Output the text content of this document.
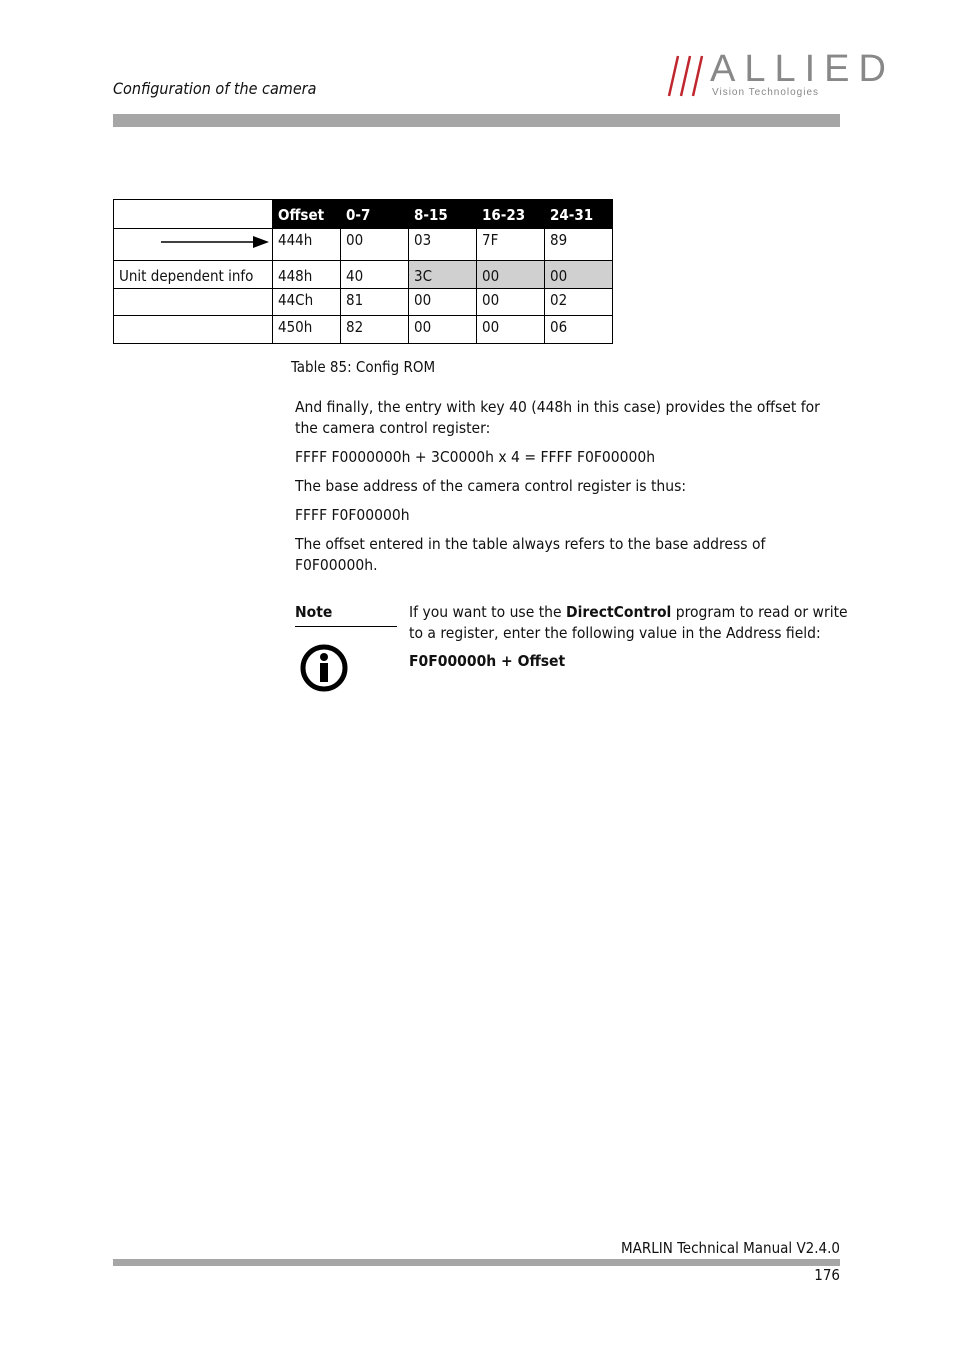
Configuration of the camera	ALLIED
Vision Technologies
	Offset	0-7	8-15	16-23	24-31

	444h	00	03	7F	89
Unit dependent info	448h	40	3C	00	00
	44Ch	81	00	00	02
	450h	82	00	00	06
Table 85: Config ROM
And finally, the entry with key 40 (448h in this case) provides the offset for the camera control register:
FFFF F0000000h + 3C0000h x 4 = FFFF F0F00000h
The base address of the camera control register is thus:
FFFF F0F00000h
The offset entered in the table always refers to the base address of F0F00000h.
Note	If you want to use the DirectControl program to read or write to a register, enter the following value in the Address field:
F0F00000h + Offset
MARLIN Technical Manual V2.4.0
176
